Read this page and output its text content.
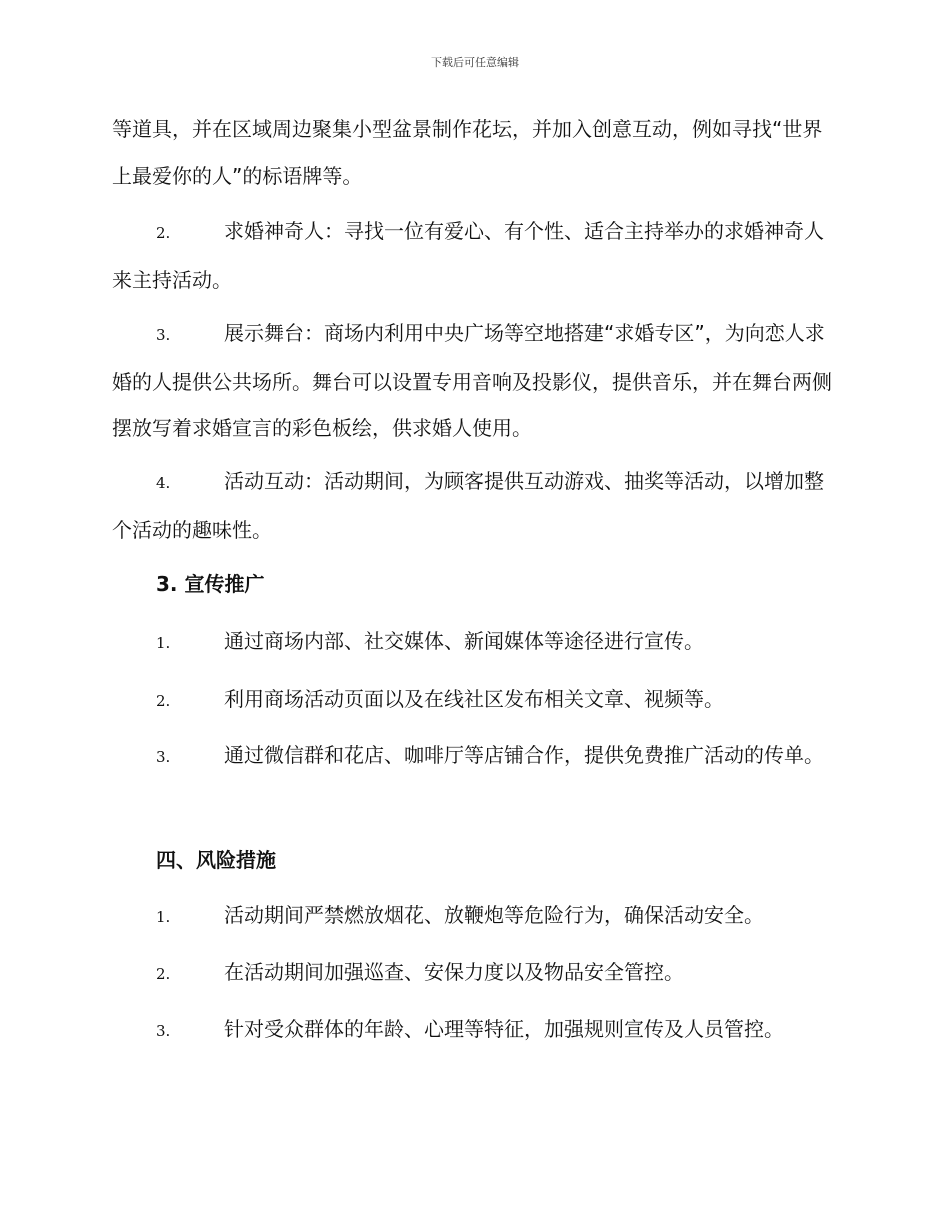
下载后可任意编辑
等道具，并在区域周边聚集小型盆景制作花坛，并加入创意互动，例如寻找“世界上最爱你的人”的标语牌等。
2.	求婚神奇人：寻找一位有爱心、有个性、适合主持举办的求婚神奇人来主持活动。
3.	展示舞台：商场内利用中央广场等空地搭建“求婚专区”，为向恋人求婚的人提供公共场所。舞台可以设置专用音响及投影仪，提供音乐，并在舞台两侧摆放写着求婚宣言的彩色板绘，供求婚人使用。
4.	活动互动：活动期间，为顾客提供互动游戏、抽奖等活动，以增加整个活动的趣味性。
3. 宣传推广
1.	通过商场内部、社交媒体、新闻媒体等途径进行宣传。
2.	利用商场活动页面以及在线社区发布相关文章、视频等。
3.	通过微信群和花店、咖啡厅等店铺合作，提供免费推广活动的传单。
四、风险措施
1.	活动期间严禁燃放烟花、放鞭炮等危险行为，确保活动安全。
2.	在活动期间加强巡查、安保力度以及物品安全管控。
3.	针对受众群体的年龄、心理等特征，加强规则宣传及人员管控。
